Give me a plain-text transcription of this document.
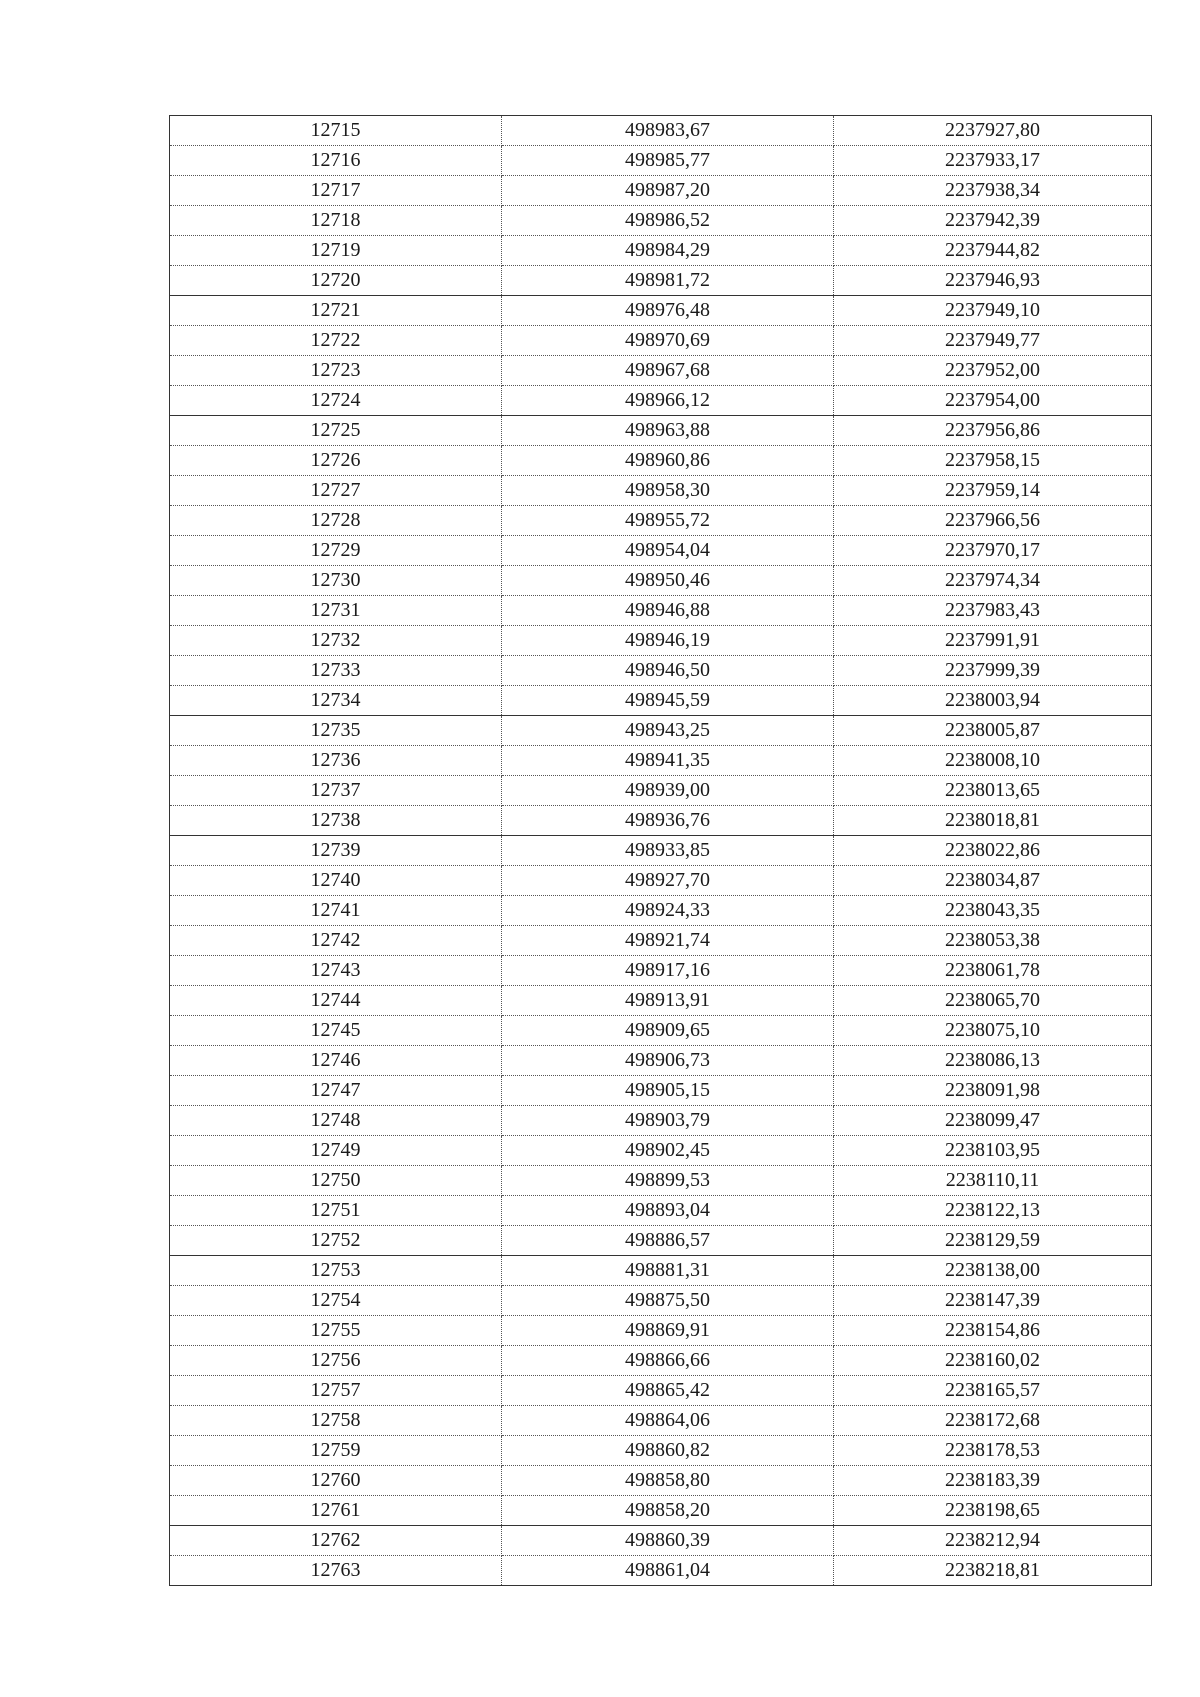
12715	498983,67	2237927,80
12716	498985,77	2237933,17
12717	498987,20	2237938,34
12718	498986,52	2237942,39
12719	498984,29	2237944,82
12720	498981,72	2237946,93
12721	498976,48	2237949,10
12722	498970,69	2237949,77
12723	498967,68	2237952,00
12724	498966,12	2237954,00
12725	498963,88	2237956,86
12726	498960,86	2237958,15
12727	498958,30	2237959,14
12728	498955,72	2237966,56
12729	498954,04	2237970,17
12730	498950,46	2237974,34
12731	498946,88	2237983,43
12732	498946,19	2237991,91
12733	498946,50	2237999,39
12734	498945,59	2238003,94
12735	498943,25	2238005,87
12736	498941,35	2238008,10
12737	498939,00	2238013,65
12738	498936,76	2238018,81
12739	498933,85	2238022,86
12740	498927,70	2238034,87
12741	498924,33	2238043,35
12742	498921,74	2238053,38
12743	498917,16	2238061,78
12744	498913,91	2238065,70
12745	498909,65	2238075,10
12746	498906,73	2238086,13
12747	498905,15	2238091,98
12748	498903,79	2238099,47
12749	498902,45	2238103,95
12750	498899,53	2238110,11
12751	498893,04	2238122,13
12752	498886,57	2238129,59
12753	498881,31	2238138,00
12754	498875,50	2238147,39
12755	498869,91	2238154,86
12756	498866,66	2238160,02
12757	498865,42	2238165,57
12758	498864,06	2238172,68
12759	498860,82	2238178,53
12760	498858,80	2238183,39
12761	498858,20	2238198,65
12762	498860,39	2238212,94
12763	498861,04	2238218,81
